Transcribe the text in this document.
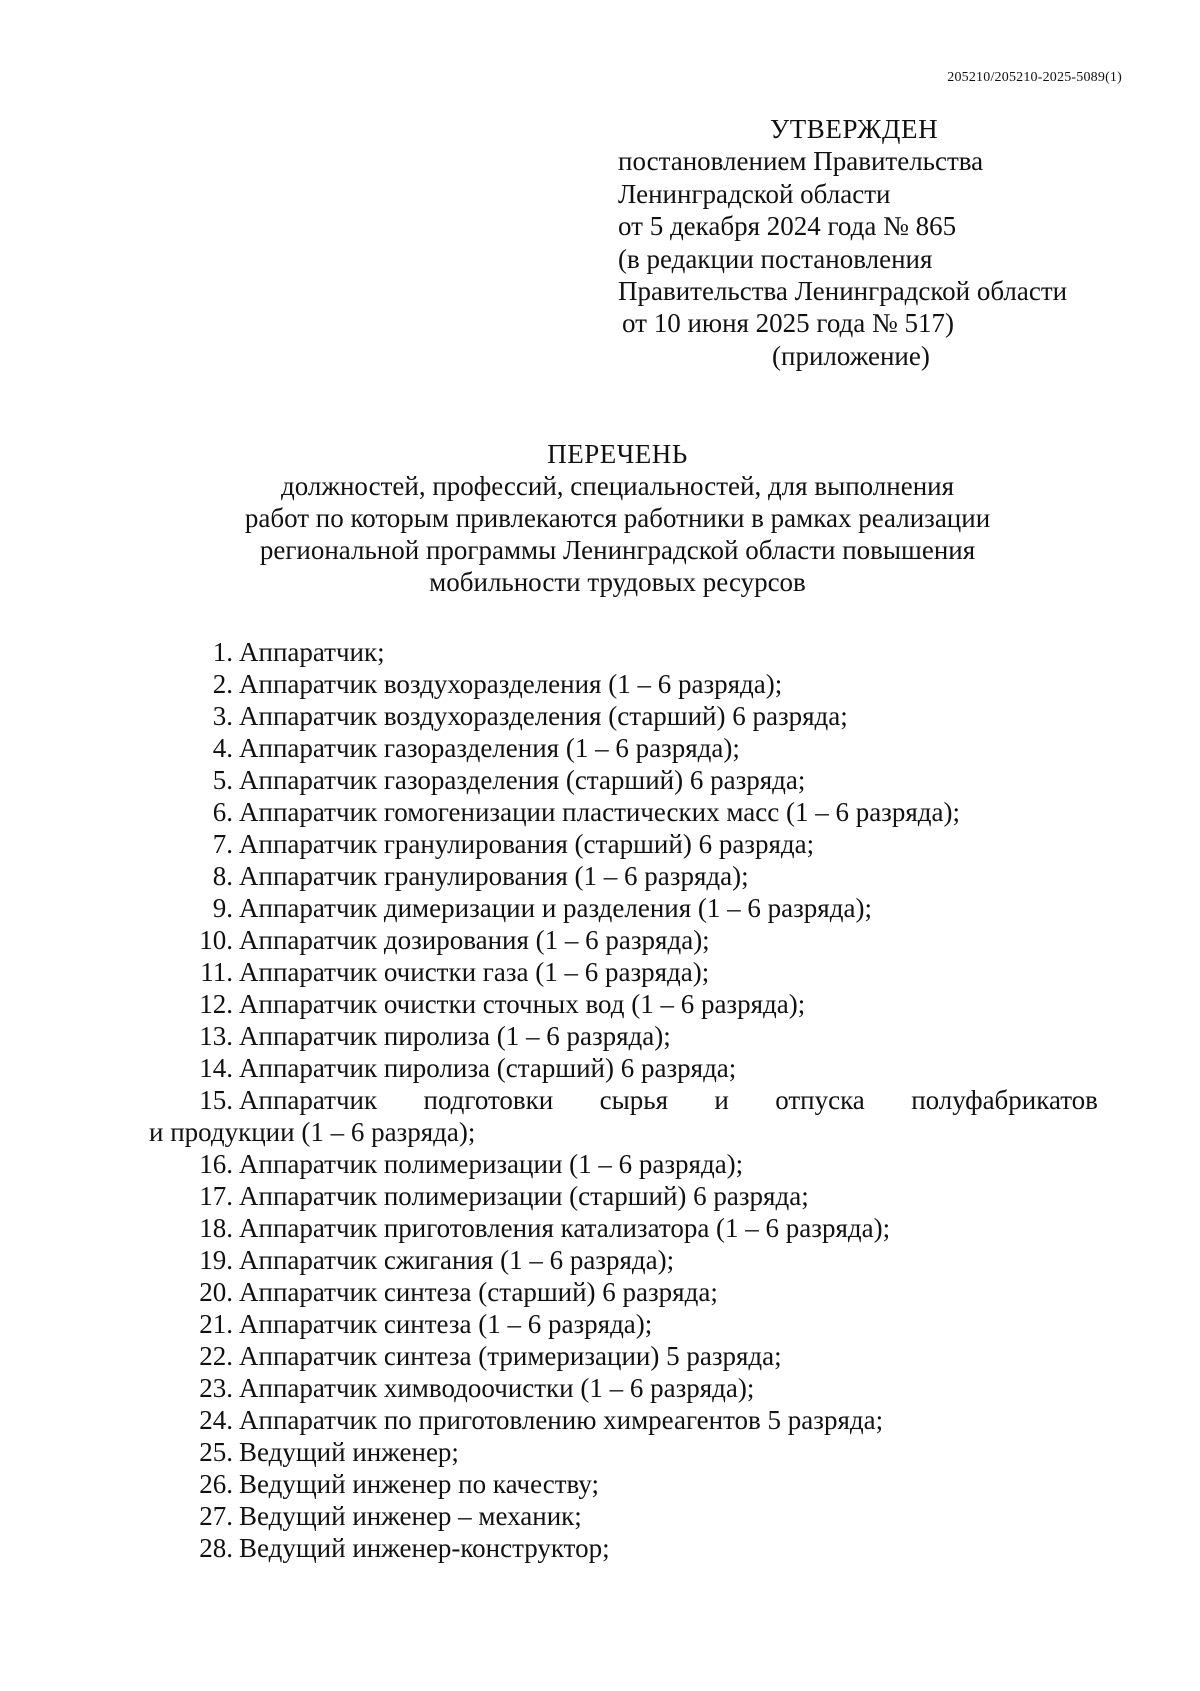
205210/205210-2025-5089(1)
УТВЕРЖДЕН
постановлением Правительства
Ленинградской области
от 5 декабря 2024 года № 865
(в редакции постановления
Правительства Ленинградской области
от 10 июня 2025 года № 517)
(приложение)
ПЕРЕЧЕНЬ
должностей, профессий, специальностей, для выполнения
работ по которым привлекаются работники в рамках реализации
региональной программы Ленинградской области повышения
мобильности трудовых ресурсов
1. Аппаратчик;
2. Аппаратчик воздухоразделения (1 – 6 разряда);
3. Аппаратчик воздухоразделения (старший) 6 разряда;
4. Аппаратчик газоразделения (1 – 6 разряда);
5. Аппаратчик газоразделения (старший) 6 разряда;
6. Аппаратчик гомогенизации пластических масс (1 – 6 разряда);
7. Аппаратчик гранулирования (старший) 6 разряда;
8. Аппаратчик гранулирования (1 – 6 разряда);
9. Аппаратчик димеризации и разделения (1 – 6 разряда);
10. Аппаратчик дозирования (1 – 6 разряда);
11. Аппаратчик очистки газа (1 – 6 разряда);
12. Аппаратчик очистки сточных вод (1 – 6 разряда);
13. Аппаратчик пиролиза (1 – 6 разряда);
14. Аппаратчик пиролиза (старший) 6 разряда;
15. Аппаратчик подготовки сырья и отпуска полуфабрикатов
и продукции (1 – 6 разряда);
16. Аппаратчик полимеризации (1 – 6 разряда);
17. Аппаратчик полимеризации (старший) 6 разряда;
18. Аппаратчик приготовления катализатора (1 – 6 разряда);
19. Аппаратчик сжигания (1 – 6 разряда);
20. Аппаратчик синтеза (старший) 6 разряда;
21. Аппаратчик синтеза (1 – 6 разряда);
22. Аппаратчик синтеза (тримеризации) 5 разряда;
23. Аппаратчик химводоочистки (1 – 6 разряда);
24. Аппаратчик по приготовлению химреагентов 5 разряда;
25. Ведущий инженер;
26. Ведущий инженер по качеству;
27. Ведущий инженер – механик;
28. Ведущий инженер-конструктор;
